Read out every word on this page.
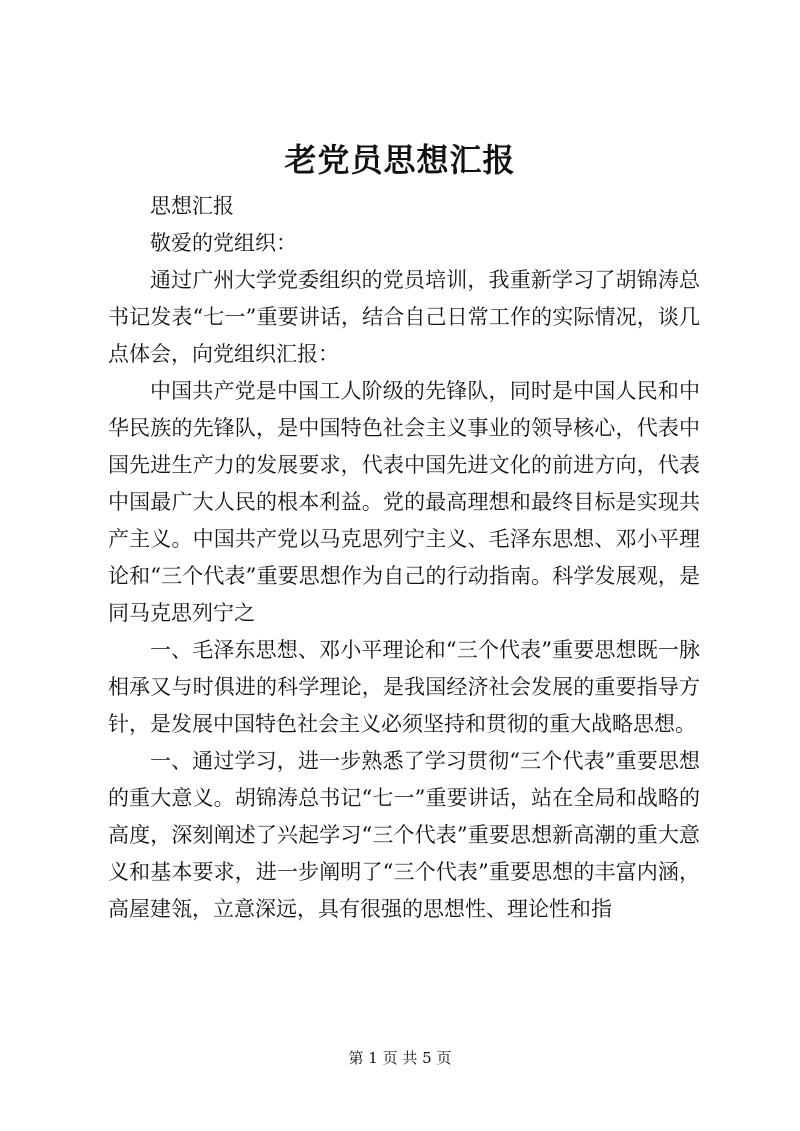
老党员思想汇报

思想汇报

敬爱的党组织：

通过广州大学党委组织的党员培训，我重新学习了胡锦涛总书记发表“七一”重要讲话，结合自己日常工作的实际情况，谈几点体会，向党组织汇报：

中国共产党是中国工人阶级的先锋队，同时是中国人民和中华民族的先锋队，是中国特色社会主义事业的领导核心，代表中国先进生产力的发展要求，代表中国先进文化的前进方向，代表中国最广大人民的根本利益。党的最高理想和最终目标是实现共产主义。中国共产党以马克思列宁主义、毛泽东思想、邓小平理论和“三个代表”重要思想作为自己的行动指南。科学发展观，是同马克思列宁之

一、毛泽东思想、邓小平理论和“三个代表”重要思想既一脉相承又与时俱进的科学理论，是我国经济社会发展的重要指导方针，是发展中国特色社会主义必须坚持和贯彻的重大战略思想。

一、通过学习，进一步熟悉了学习贯彻“三个代表”重要思想的重大意义。胡锦涛总书记“七一”重要讲话，站在全局和战略的高度，深刻阐述了兴起学习“三个代表”重要思想新高潮的重大意义和基本要求，进一步阐明了“三个代表”重要思想的丰富内涵，高屋建瓴，立意深远，具有很强的思想性、理论性和指

第 1 页 共 5 页
